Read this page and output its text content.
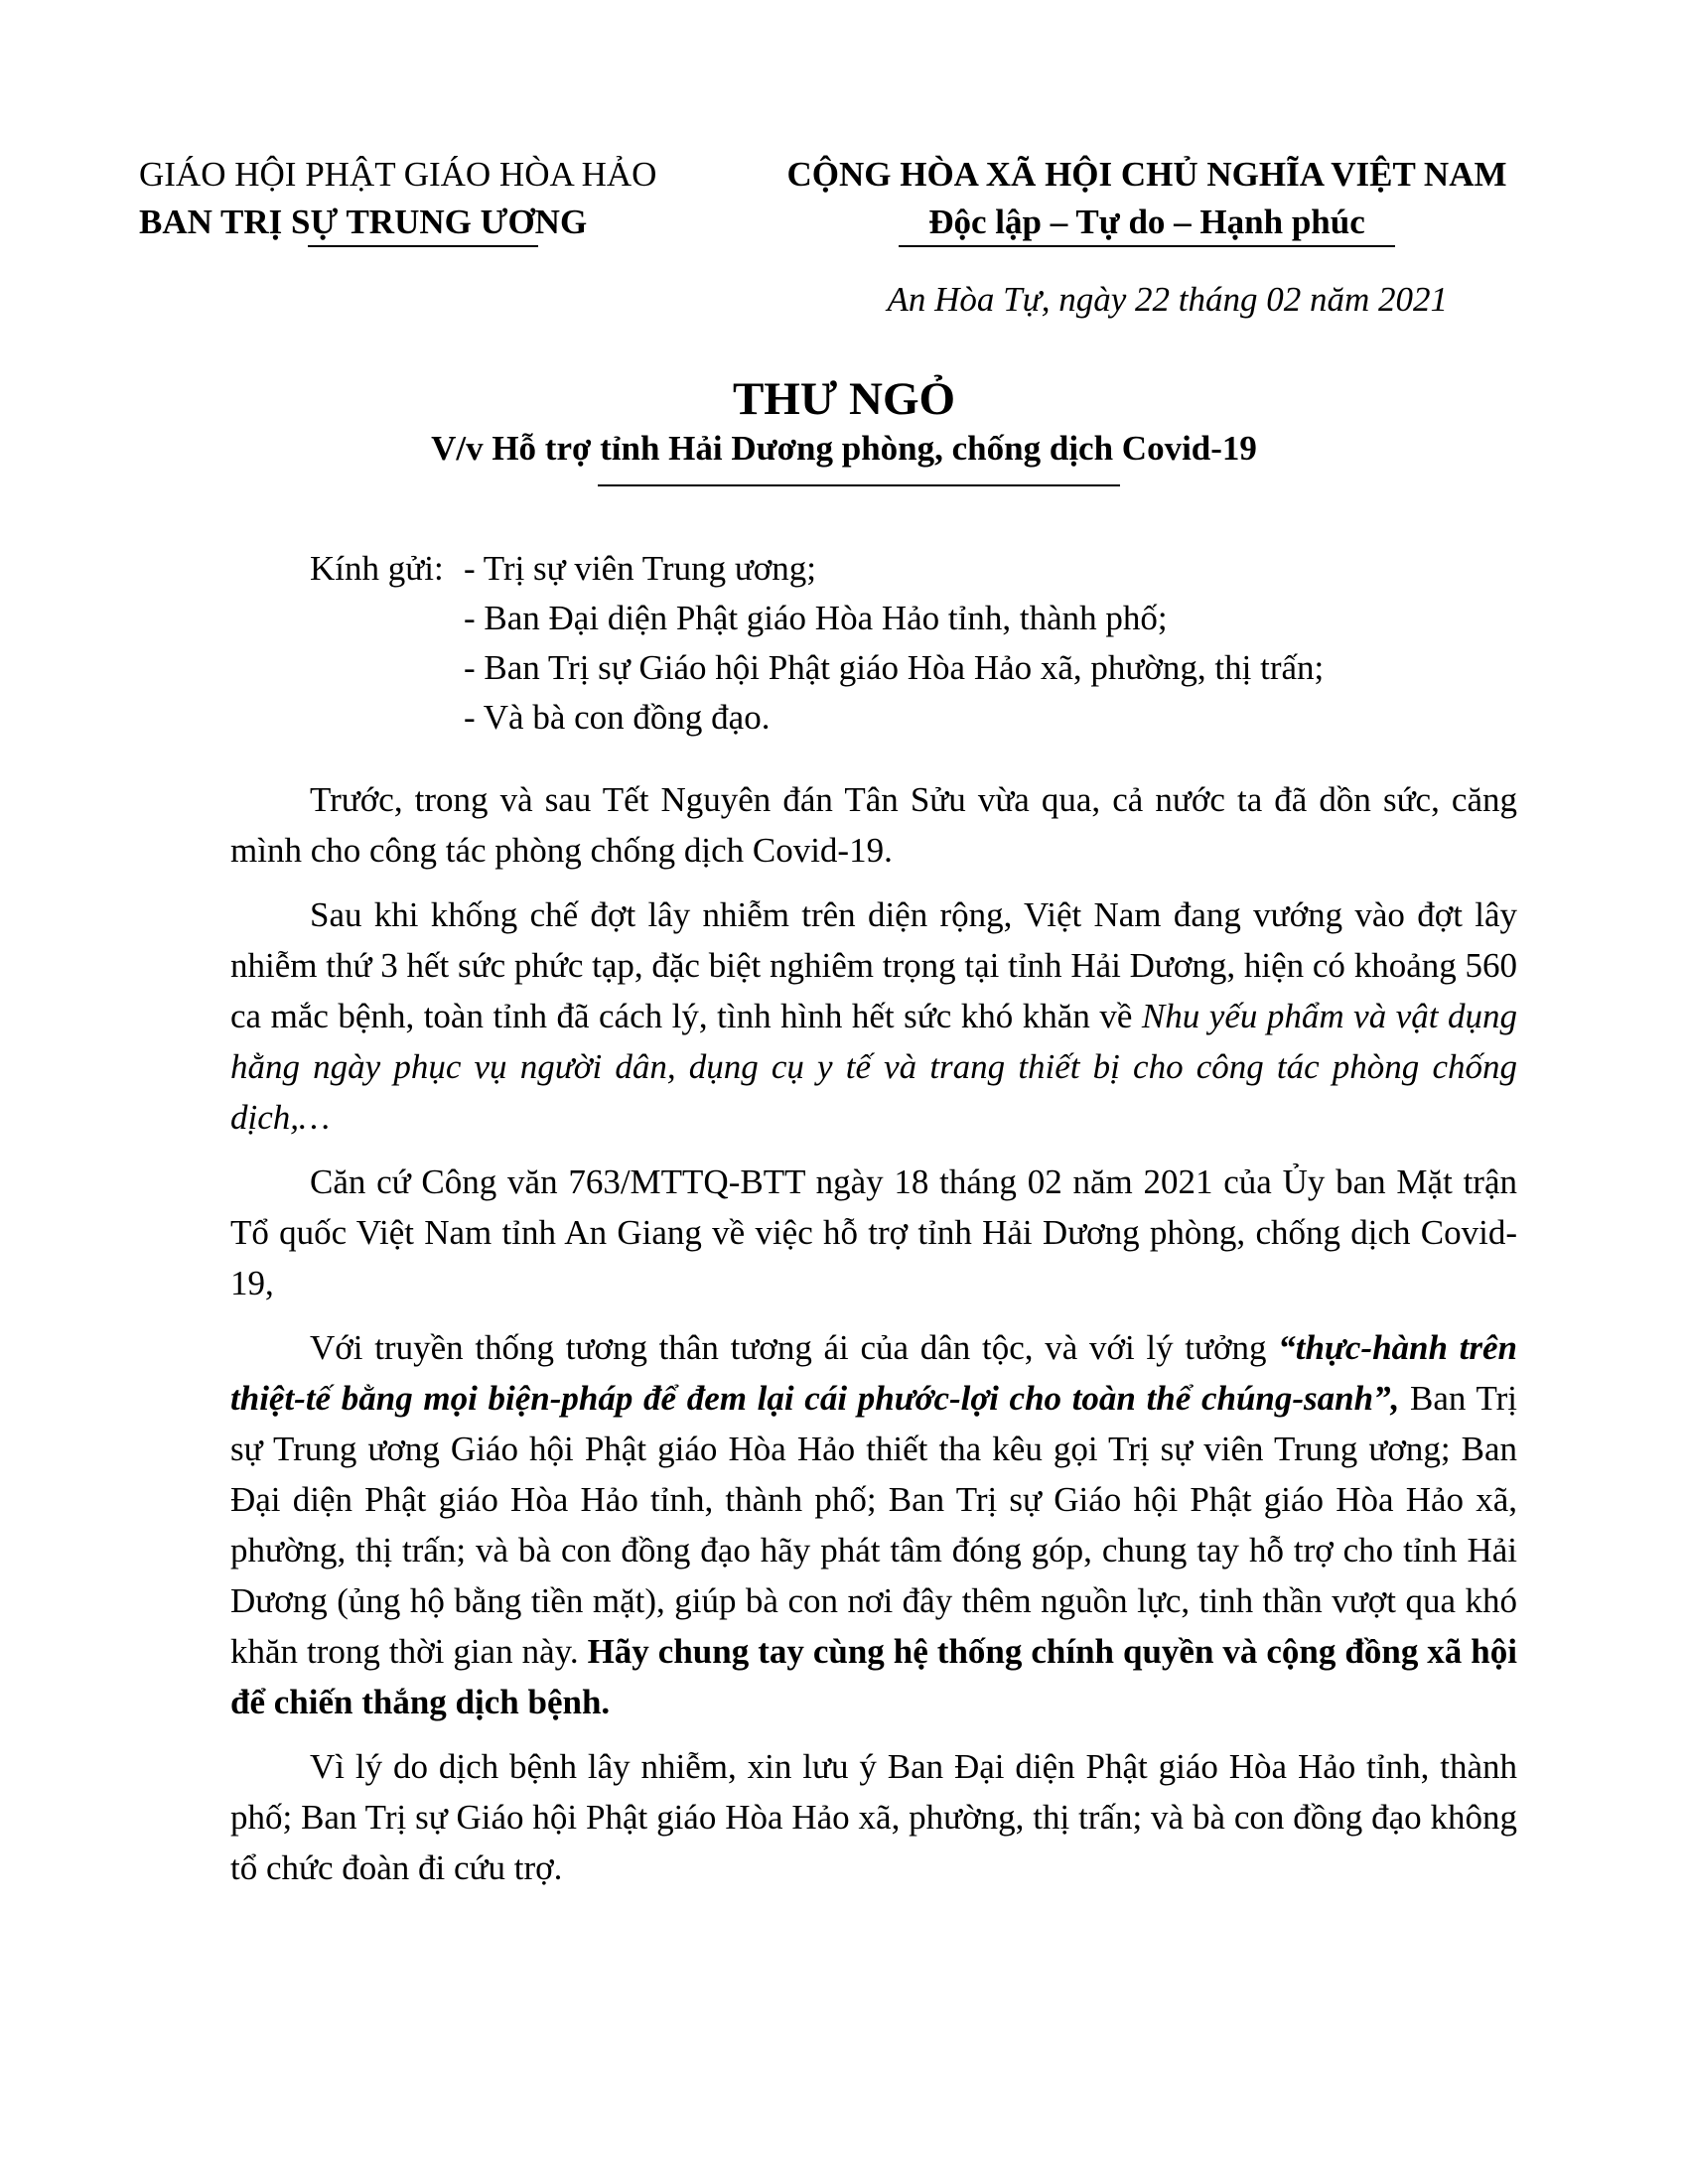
GIÁO HỘI PHẬT GIÁO HÒA HẢO
BAN TRỊ SỰ TRUNG ƯƠNG
CỘNG HÒA XÃ HỘI CHỦ NGHĨA VIỆT NAM
Độc lập – Tự do – Hạnh phúc
An Hòa Tự, ngày 22 tháng 02 năm 2021
THƯ NGỎ
V/v Hỗ trợ tỉnh Hải Dương phòng, chống dịch Covid-19
Kính gửi: - Trị sự viên Trung ương;
- Ban Đại diện Phật giáo Hòa Hảo tỉnh, thành phố;
- Ban Trị sự Giáo hội Phật giáo Hòa Hảo xã, phường, thị trấn;
- Và bà con đồng đạo.

Trước, trong và sau Tết Nguyên đán Tân Sửu vừa qua, cả nước ta đã dồn sức, căng mình cho công tác phòng chống dịch Covid-19.

Sau khi khống chế đợt lây nhiễm trên diện rộng, Việt Nam đang vướng vào đợt lây nhiễm thứ 3 hết sức phức tạp, đặc biệt nghiêm trọng tại tỉnh Hải Dương, hiện có khoảng 560 ca mắc bệnh, toàn tỉnh đã cách lý, tình hình hết sức khó khăn về Nhu yếu phẩm và vật dụng hằng ngày phục vụ người dân, dụng cụ y tế và trang thiết bị cho công tác phòng chống dịch,…

Căn cứ Công văn 763/MTTQ-BTT ngày 18 tháng 02 năm 2021 của Ủy ban Mặt trận Tổ quốc Việt Nam tỉnh An Giang về việc hỗ trợ tỉnh Hải Dương phòng, chống dịch Covid-19,

Với truyền thống tương thân tương ái của dân tộc, và với lý tưởng “thực-hành trên thiệt-tế bằng mọi biện-pháp để đem lại cái phước-lợi cho toàn thể chúng-sanh”, Ban Trị sự Trung ương Giáo hội Phật giáo Hòa Hảo thiết tha kêu gọi Trị sự viên Trung ương; Ban Đại diện Phật giáo Hòa Hảo tỉnh, thành phố; Ban Trị sự Giáo hội Phật giáo Hòa Hảo xã, phường, thị trấn; và bà con đồng đạo hãy phát tâm đóng góp, chung tay hỗ trợ cho tỉnh Hải Dương (ủng hộ bằng tiền mặt), giúp bà con nơi đây thêm nguồn lực, tinh thần vượt qua khó khăn trong thời gian này. Hãy chung tay cùng hệ thống chính quyền và cộng đồng xã hội để chiến thắng dịch bệnh.

Vì lý do dịch bệnh lây nhiễm, xin lưu ý Ban Đại diện Phật giáo Hòa Hảo tỉnh, thành phố; Ban Trị sự Giáo hội Phật giáo Hòa Hảo xã, phường, thị trấn; và bà con đồng đạo không tổ chức đoàn đi cứu trợ.
